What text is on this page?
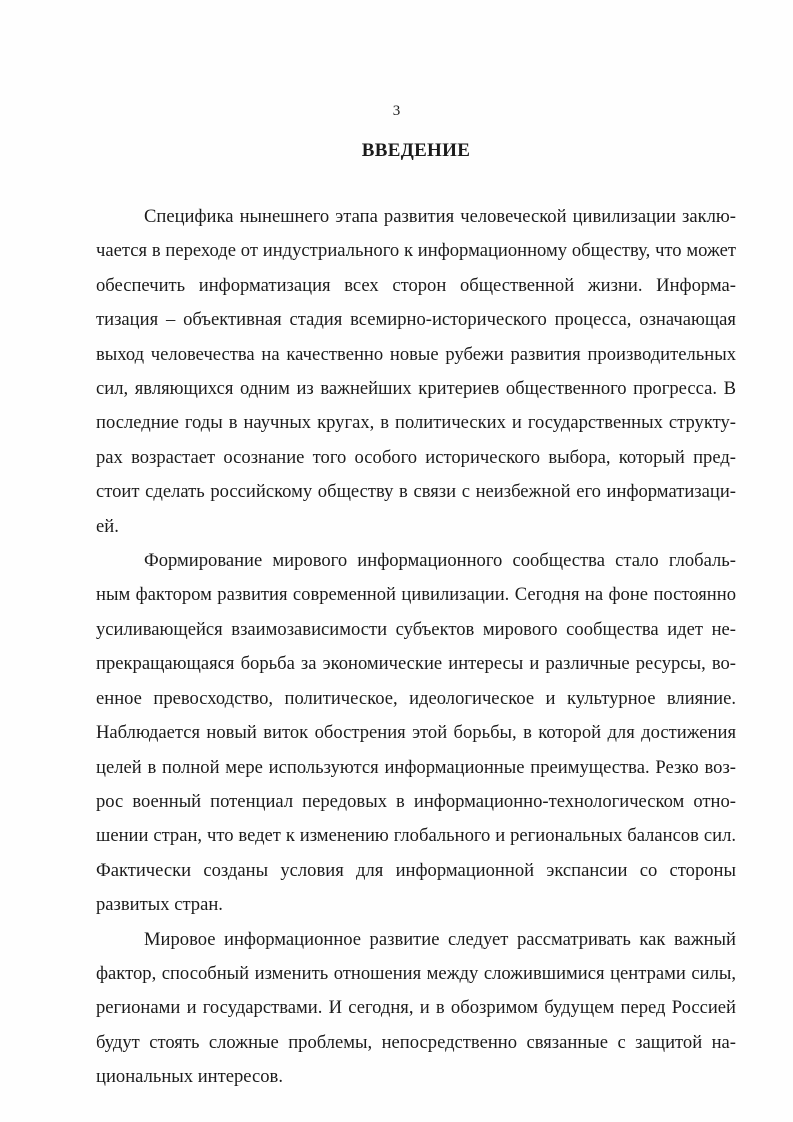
3
ВВЕДЕНИЕ

Специфика нынешнего этапа развития человеческой цивилизации заключается в переходе от индустриального к информационному обществу, что может обеспечить информатизация всех сторон общественной жизни. Информатизация – объективная стадия всемирно-исторического процесса, означающая выход человечества на качественно новые рубежи развития производительных сил, являющихся одним из важнейших критериев общественного прогресса. В последние годы в научных кругах, в политических и государственных структурах возрастает осознание того особого исторического выбора, который предстоит сделать российскому обществу в связи с неизбежной его информатизацией.

Формирование мирового информационного сообщества стало глобальным фактором развития современной цивилизации. Сегодня на фоне постоянно усиливающейся взаимозависимости субъектов мирового сообщества идет непрекращающаяся борьба за экономические интересы и различные ресурсы, военное превосходство, политическое, идеологическое и культурное влияние. Наблюдается новый виток обострения этой борьбы, в которой для достижения целей в полной мере используются информационные преимущества. Резко возрос военный потенциал передовых в информационно-технологическом отношении стран, что ведет к изменению глобального и региональных балансов сил. Фактически созданы условия для информационной экспансии со стороны развитых стран.

Мировое информационное развитие следует рассматривать как важный фактор, способный изменить отношения между сложившимися центрами силы, регионами и государствами. И сегодня, и в обозримом будущем перед Россией будут стоять сложные проблемы, непосредственно связанные с защитой национальных интересов.
